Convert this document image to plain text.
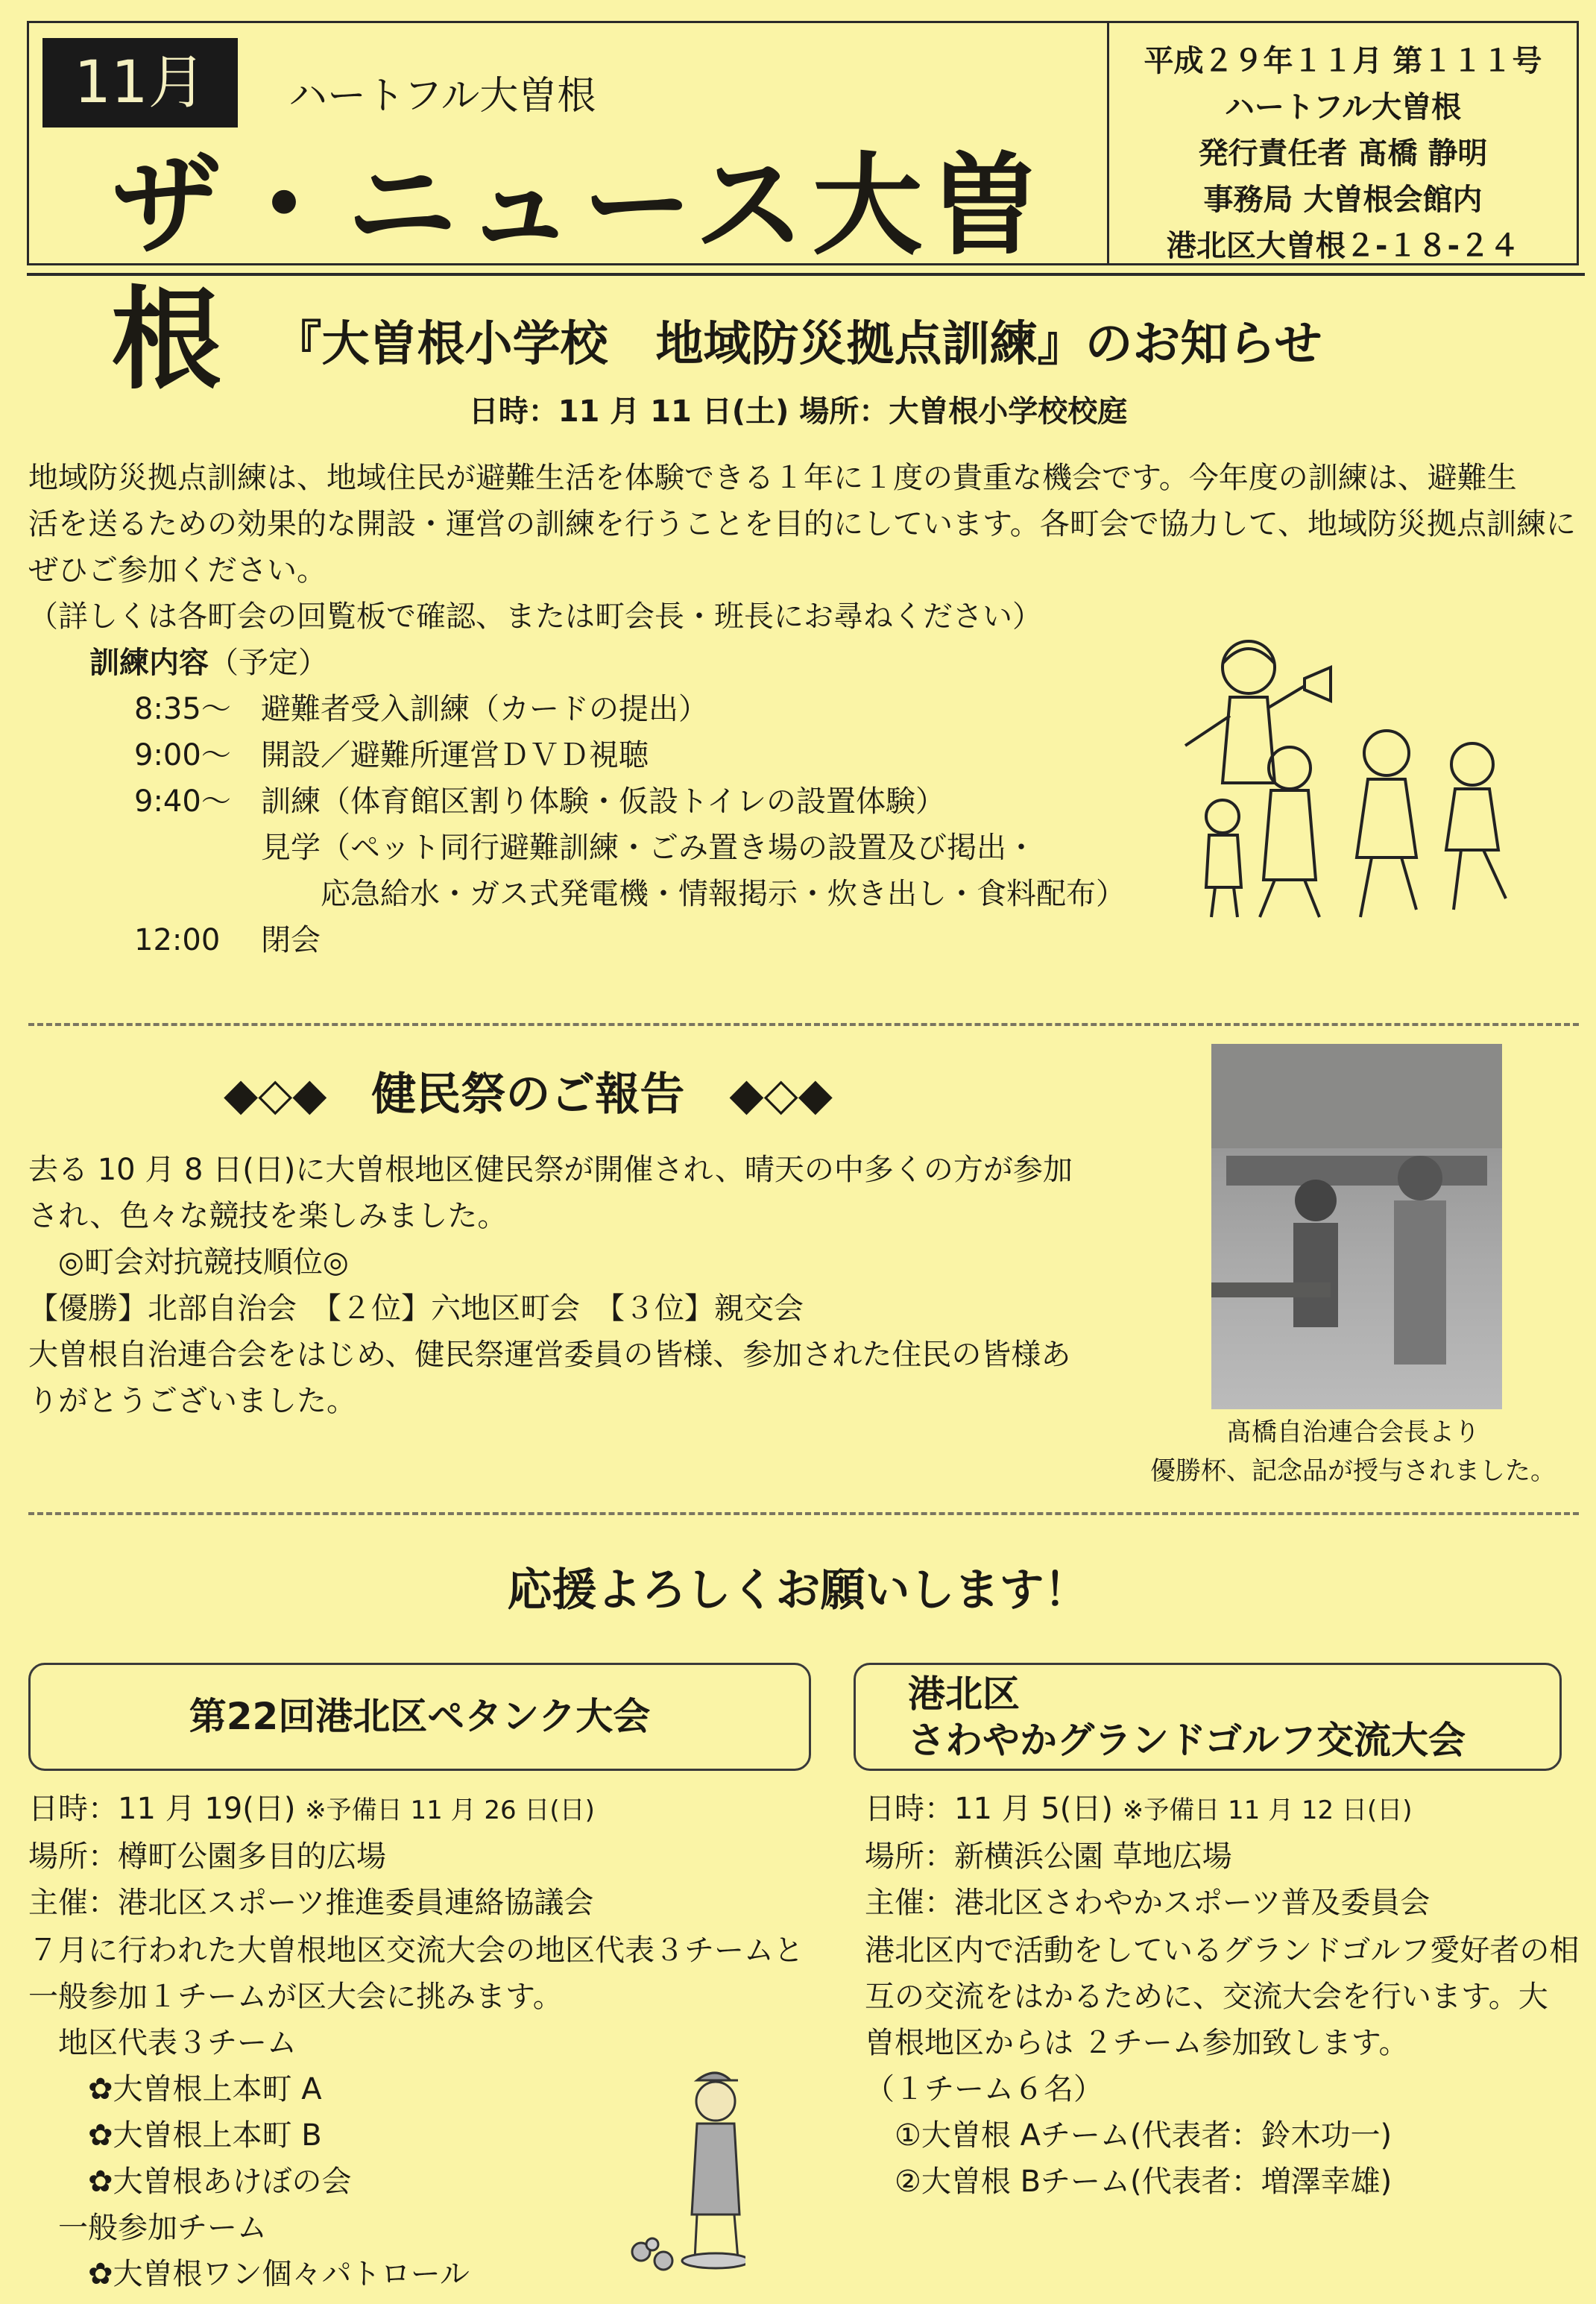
11月	ハートフル大曽根
ザ・ニュース大曽根
平成２９年１１月 第１１１号
ハートフル大曽根
発行責任者 髙橋 静明
事務局 大曽根会館内
港北区大曽根２-１８-２４
『大曽根小学校　地域防災拠点訓練』のお知らせ
日時：11 月 11 日(土) 場所：大曽根小学校校庭
地域防災拠点訓練は、地域住民が避難生活を体験できる１年に１度の貴重な機会です。今年度の訓練は、避難生
活を送るための効果的な開設・運営の訓練を行うことを目的にしています。各町会で協力して、地域防災拠点訓練に
ぜひご参加ください。
（詳しくは各町会の回覧板で確認、または町会長・班長にお尋ねください）
訓練内容（予定）
8:35～ 避難者受入訓練（カードの提出）
9:00～ 開設／避難所運営ＤＶＤ視聴
9:40～ 訓練（体育館区割り体験・仮設トイレの設置体験）
見学（ペット同行避難訓練・ごみ置き場の設置及び掲出・
　　応急給水・ガス式発電機・情報掲示・炊き出し・食料配布）
12:00 閉会
◆◇◆　健民祭のご報告　◆◇◆
去る 10 月 8 日(日)に大曽根地区健民祭が開催され、晴天の中多くの方が参加
され、色々な競技を楽しみました。
　◎町会対抗競技順位◎
【優勝】北部自治会　【２位】六地区町会　【３位】親交会
大曽根自治連合会をはじめ、健民祭運営委員の皆様、参加された住民の皆様あ
りがとうございました。
髙橋自治連合会長より
優勝杯、記念品が授与されました。
応援よろしくお願いします！
第22回港北区ペタンク大会
港北区
さわやかグランドゴルフ交流大会
日時：11 月 19(日) ※予備日 11 月 26 日(日)
場所：樽町公園多目的広場
主催：港北区スポーツ推進委員連絡協議会
７月に行われた大曽根地区交流大会の地区代表３チームと
一般参加１チームが区大会に挑みます。
　地区代表３チーム
　　✿大曽根上本町 A
　　✿大曽根上本町 B
　　✿大曽根あけぼの会
　一般参加チーム
　　✿大曽根ワン個々パトロール
日時：11 月 5(日) ※予備日 11 月 12 日(日)
場所：新横浜公園 草地広場
主催：港北区さわやかスポーツ普及委員会
港北区内で活動をしているグランドゴルフ愛好者の相
互の交流をはかるために、交流大会を行います。大
曽根地区からは ２チーム参加致します。
（１チーム６名）
　①大曽根 Aチーム(代表者：鈴木功一)
　②大曽根 Bチーム(代表者：増澤幸雄)
